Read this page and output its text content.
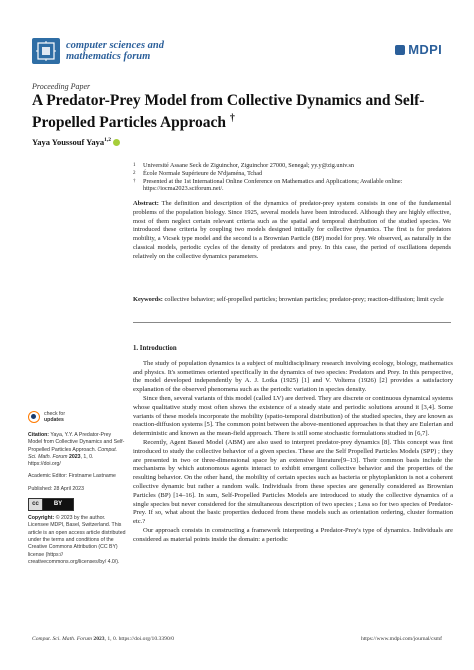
computer sciences and
mathematics forum	MDPI
Proceeding Paper
A Predator-Prey Model from Collective Dynamics and Self-Propelled Particles Approach †
Yaya Youssouf Yaya$^{1,2}$
1	Université Assane Seck de Ziguinchor, Ziguinchor 27000, Senegal; yy.y@zig.univ.sn
2	École Normale Supérieure de N'djaména, Tchad
†	Presented at the 1st International Online Conference on Mathematics and Applications; Available online: https://iocma2023.sciforum.net/.
Abstract: The definition and description of the dynamics of predator-prey system consists in one of the fundamental problems of the population biology. Since 1925, several models have been introduced. Although they are highly effective, most of them neglect certain relevant criteria such as the spatial and temporal distribution of the studied species. We introduced these criteria by coupling two models designed initially for collective dynamics. The first is for predators mobility, a Vicsek type model and the second is a Brownian Particle (BP) model for prey. We observed, as naturally in the classical models, periodic cycles of the density of predators and prey. In this case, the period of oscillations depends relatively on the collective dynamics parameters.
Keywords: collective behavior; self-propelled particles; brownian particles; predator-prey; reaction-diffusion; limit cycle
check for
updates
Citation: Yaya, Y.Y. A Predator-Prey Model from Collective Dynamics and Self-Propelled Particles Approach. Comput. Sci. Math. Forum 2023, 1, 0. https://doi.org/
Academic Editor: Firstname Lastname
Published: 28 April 2023
cc	BY
Copyright: © 2023 by the author. Licensee MDPI, Basel, Switzerland. This article is an open access article distributed under the terms and conditions of the Creative Commons Attribution (CC BY) license (https:// creativecommons.org/licenses/by/ 4.0/).
1. Introduction

The study of population dynamics is a subject of multidisciplinary research involving ecology, biology, mathematics and physics. It's sometimes oriented specifically in the dynamics of two species: Predators and Prey. In this perspective, the model developed independently by A. J. Lotka (1925) [1] and V. Volterra (1926) [2] provides a satisfactory explanation of the observed phenomena such as the periodic variation in species density.

Since then, several variants of this model (called LV) are derived. They are discrete or continuous dynamical systems whose qualitative study most often shows the existence of a steady state and periodic solutions around it [3,4]. Some variants of these models incorporate the mobility (spatio-temporal distribution) of the studied species, they are known as reaction-diffusion systems [5]. The common point between the above-mentioned approaches is that they are Eulerian and deterministic and known as the mean-field approach. There is still some stochastic formulations studied in [6,7].

Recently, Agent Based Model (ABM) are also used to interpret predator-prey dynamics [8]. This concept was first introduced to study the collective behavior of a given species. These are the Self Propelled Particles Models (SPP) ; they are presented in two or three-dimensional space by an extensive literature[9–13]. Their common basis include the mechanisms by which autonomous agents interact to exhibit emergent collective behavior and the properties of the resulting behavior. On the other hand, the mobility of certain species such as bacteria or phytoplankton is not a coherent collective dynamic but rather a random walk. Individuals from these species are generally considered as Brownian Particles (BP) [14–16]. In sum, Self-Propelled Particles Models are introduced to study the collective dynamics of a single species but never considered for the simultaneous description of two species ; Less so for two species of Predator-Prey. If so, what about the basic properties deduced from these models such as orientation ordering, cluster formation etc.?

Our approach consists in constructing a framework interpreting a Predator-Prey's type of dynamics. Individuals are considered as material points inside the domain: a periodic

Comput. Sci. Math. Forum 2023, 1, 0. https://doi.org/10.3390/0	https://www.mdpi.com/journal/csmf
